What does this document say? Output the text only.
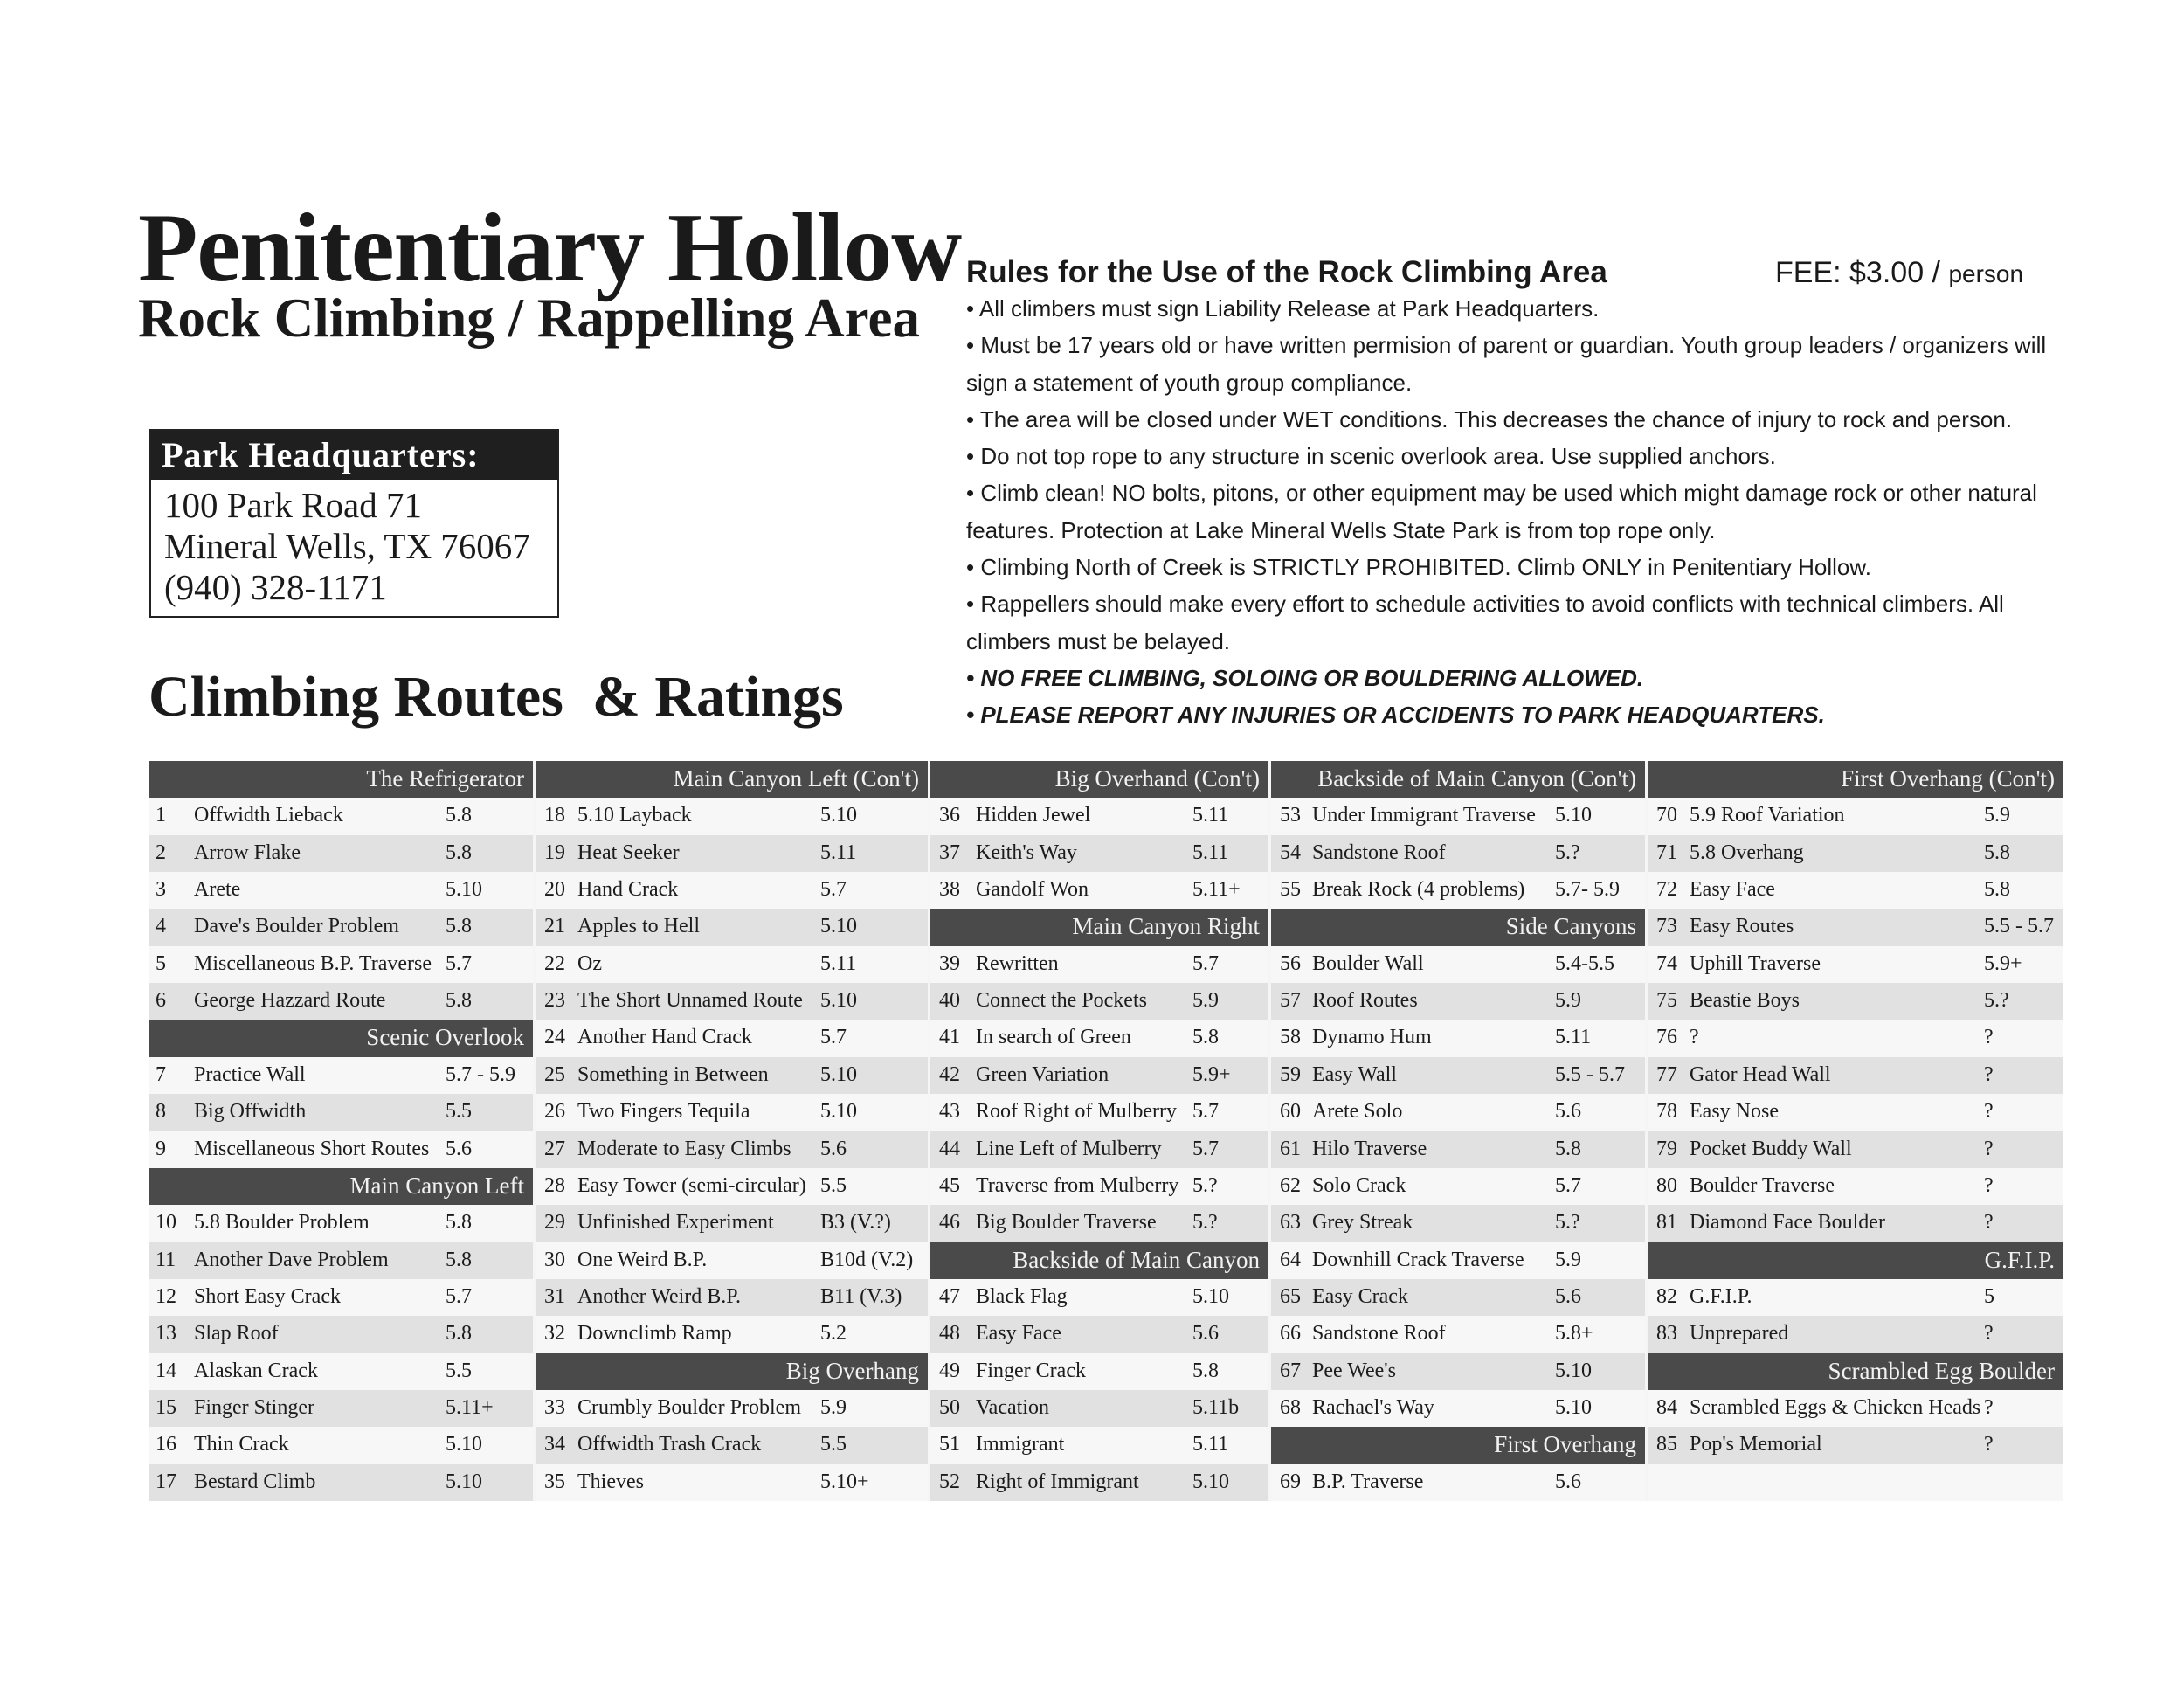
Penitentiary Hollow
Rock Climbing / Rappelling Area
Park Headquarters:
100 Park Road 71
Mineral Wells, TX 76067
(940) 328-1171
Climbing Routes  & Ratings
Rules for the Use of the Rock Climbing Area	FEE: $3.00 / person
• All climbers must sign Liability Release at Park Headquarters.
• Must be 17 years old or have written permision of parent or guardian. Youth group leaders / organizers will sign a statement of youth group compliance.
• The area will be closed under WET conditions. This decreases the chance of injury to rock and person.
• Do not top rope to any structure in scenic overlook area. Use supplied anchors.
• Climb clean! NO bolts, pitons, or other equipment may be used which might damage rock or other natural features. Protection at Lake Mineral Wells State Park is from top rope only.
• Climbing North of Creek is STRICTLY PROHIBITED. Climb ONLY in Penitentiary Hollow.
• Rappellers should make every effort to schedule activities to avoid conflicts with technical climbers. All climbers must be belayed.
• NO FREE CLIMBING, SOLOING OR BOULDERING ALLOWED.
• PLEASE REPORT ANY INJURIES OR ACCIDENTS TO PARK HEADQUARTERS.
The Refrigerator
1 Offwidth Lieback	5.8
2 Arrow Flake	5.8
3 Arete	5.10
4 Dave's Boulder Problem 5.8
5 Miscellaneous B.P. Traverse 5.7
6 George Hazzard Route	5.8
Scenic Overlook
7 Practice Wall	5.7 - 5.9
8 Big Offwidth	5.5
9 Miscellaneous Short Routes 5.6
Main Canyon Left
10 5.8 Boulder Problem	5.8
11 Another Dave Problem	5.8
12 Short Easy Crack	5.7
13 Slap Roof	5.8
14 Alaskan Crack	5.5
15 Finger Stinger	5.11+
16 Thin Crack	5.10
17 Bestard Climb	5.10
Main Canyon Left (Con't)
18 5.10 Layback	5.10
19 Heat Seeker	5.11
20 Hand Crack	5.7
21 Apples to Hell	5.10
22 Oz	5.11
23 The Short Unnamed Route 5.10
24 Another Hand Crack	5.7
25 Something in Between 5.10
26 Two Fingers Tequila	5.10
27 Moderate to Easy Climbs 5.6
28 Easy Tower (semi-circular) 5.5
29 Unfinished Experiment B3 (V.?)
30 One Weird B.P.	B10d (V.2)
31 Another Weird B.P.	B11 (V.3)
32 Downclimb Ramp	5.2
Big Overhang
33 Crumbly Boulder Problem 5.9
34 Offwidth Trash Crack	5.5
35 Thieves	5.10+
Big Overhand (Con't)
36 Hidden Jewel	5.11
37 Keith's Way	5.11
38 Gandolf Won	5.11+
Main Canyon Right
39 Rewritten	5.7
40 Connect the Pockets 5.9
41 In search of Green	5.8
42 Green Variation	5.9+
43 Roof Right of Mulberry 5.7
44 Line Left of Mulberry 5.7
45 Traverse from Mulberry 5.?
46 Big Boulder Traverse 5.?
Backside of Main Canyon
47 Black Flag	5.10
48 Easy Face	5.6
49 Finger Crack	5.8
50 Vacation	5.11b
51 Immigrant	5.11
52 Right of Immigrant	5.10
Backside of Main Canyon (Con't)
53 Under Immigrant Traverse 5.10
54 Sandstone Roof	5.?
55 Break Rock (4 problems) 5.7- 5.9
Side Canyons
56 Boulder Wall	5.4-5.5
57 Roof Routes	5.9
58 Dynamo Hum	5.11
59 Easy Wall	5.5 - 5.7
60 Arete Solo	5.6
61 Hilo Traverse	5.8
62 Solo Crack	5.7
63 Grey Streak	5.?
64 Downhill Crack Traverse 5.9
65 Easy Crack	5.6
66 Sandstone Roof	5.8+
67 Pee Wee's	5.10
68 Rachael's Way	5.10
First Overhang
69 B.P. Traverse	5.6
First Overhang (Con't)
70 5.9 Roof Variation	5.9
71 5.8 Overhang	5.8
72 Easy Face	5.8
73 Easy Routes	5.5 - 5.7
74 Uphill Traverse	5.9+
75 Beastie Boys	5.?
76 ?	?
77 Gator Head Wall	?
78 Easy Nose	?
79 Pocket Buddy Wall	?
80 Boulder Traverse	?
81 Diamond Face Boulder	?
G.F.I.P.
82 G.F.I.P.	5
83 Unprepared	?
Scrambled Egg Boulder
84 Scrambled Eggs & Chicken Heads ?
85 Pop's Memorial	?
